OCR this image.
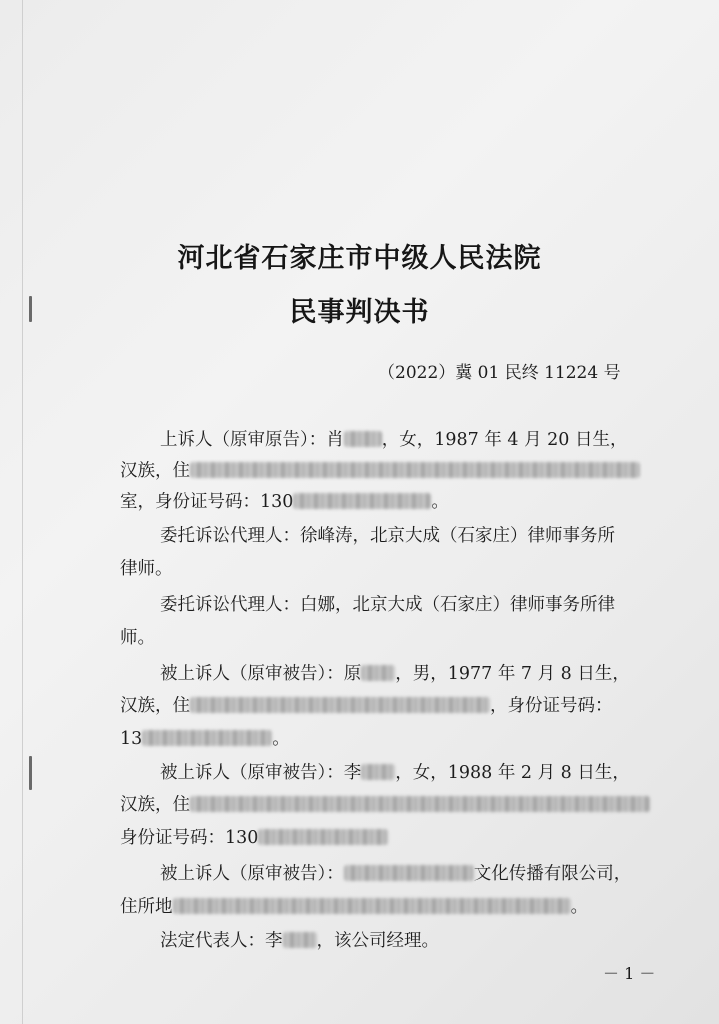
河北省石家庄市中级人民法院
民事判决书
（2022）冀 01 民终 11224 号
上诉人（原审原告）：肖 ，女，1987 年 4 月 20 日生，
汉族，住
室，身份证号码：130	。
委托诉讼代理人：徐峰涛，北京大成（石家庄）律师事务所
律师。
委托诉讼代理人：白娜，北京大成（石家庄）律师事务所律
师。
被上诉人（原审被告）：原 ，男，1977 年 7 月 8 日生，
汉族，住	，身份证号码：
13	。
被上诉人（原审被告）：李 ，女，1988 年 2 月 8 日生，
汉族，住
身份证号码：130
被上诉人（原审被告）：	文化传播有限公司，
住所地	。
法定代表人：李 ，该公司经理。
－ 1 －
